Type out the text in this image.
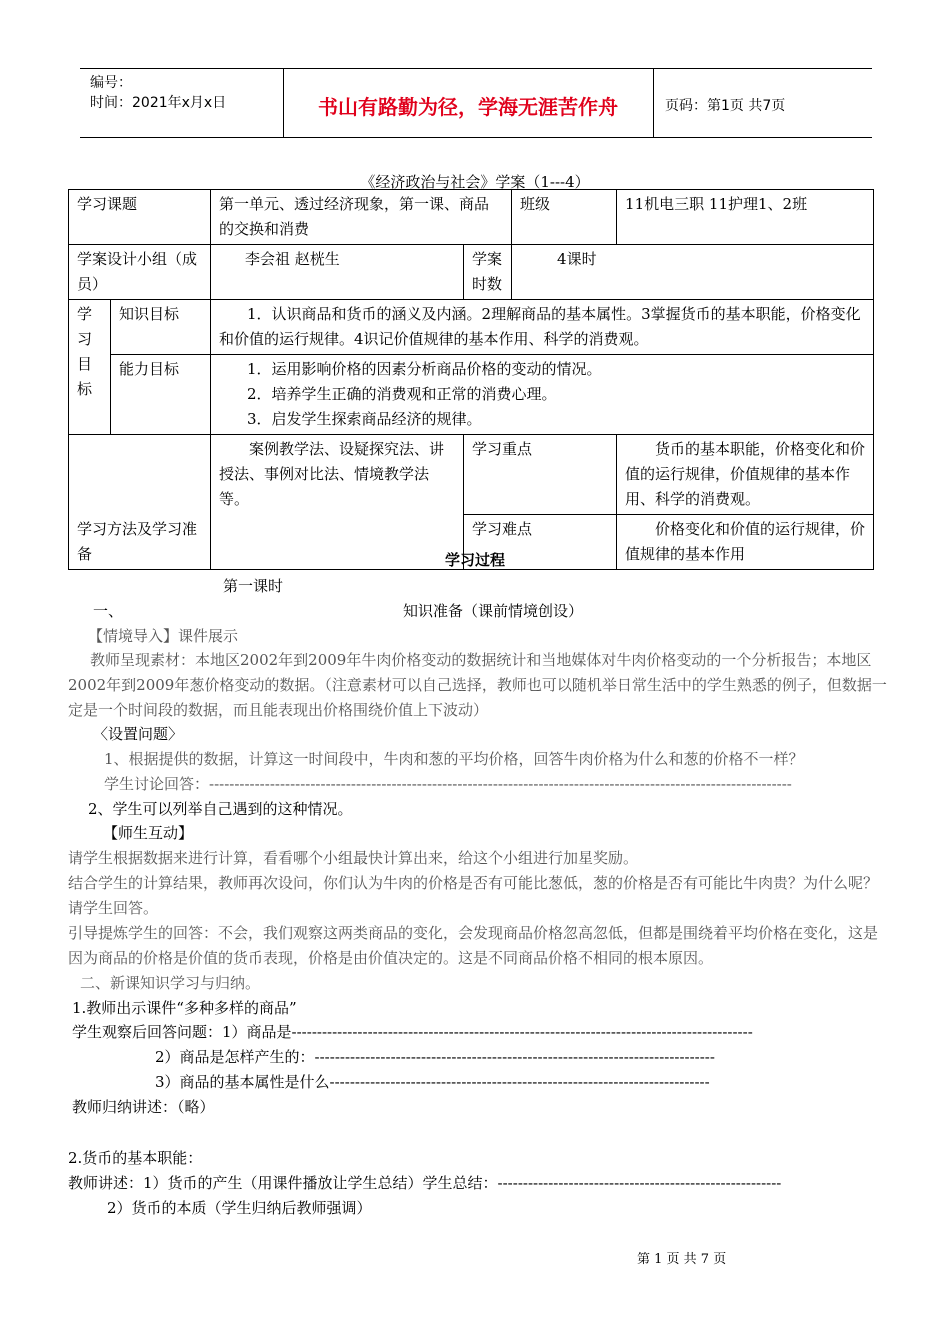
编号：
时间：2021年x月x日	书山有路勤为径，学海无涯苦作舟	页码：第1页 共7页
《经济政治与社会》学案（1---4）
学习课题		第一单元、透过经济现象，第一课、商品的交换和消费		班级	11机电三职 11护理1、2班
学案设计小组（成员）		李会祖 赵桄生	学案时数	4课时	
学习目标	知识目标	1．认识商品和货币的涵义及内涵。2理解商品的基本属性。3掌握货币的基本职能，价格变化和价值的运行规律。4识记价值规律的基本作用、科学的消费观。			
	能力目标	1．运用影响价格的因素分析商品价格的变动的情况。
2．培养学生正确的消费观和正常的消费心理。
3．启发学生探索商品经济的规律。			

学习方法及学习准备		案例教学法、设疑探究法、讲授法、事例对比法、情境教学法等。	学习重点		货币的基本职能，价格变化和价值的运行规律，价值规律的基本作用、科学的消费观。
			学习难点		价格变化和价值的运行规律，价值规律的基本作用
学习过程
第一课时
一、	知识准备（课前情境创设）
【情境导入】课件展示
教师呈现素材：本地区2002年到2009年牛肉价格变动的数据统计和当地媒体对牛肉价格变动的一个分析报告；本地区2002年到2009年葱价格变动的数据。（注意素材可以自己选择，教师也可以随机举日常生活中的学生熟悉的例子，但数据一定是一个时间段的数据，而且能表现出价格围绕价值上下波动）
〈设置问题〉
1、根据提供的数据，计算这一时间段中，牛肉和葱的平均价格，回答牛肉价格为什么和葱的价格不一样？
学生讨论回答：-------------------------------------------------------------------------------------------------------------------
2、学生可以列举自己遇到的这种情况。
【师生互动】
请学生根据数据来进行计算，看看哪个小组最快计算出来，给这个小组进行加星奖励。
结合学生的计算结果，教师再次设问，你们认为牛肉的价格是否有可能比葱低，葱的价格是否有可能比牛肉贵？为什么呢？请学生回答。
引导提炼学生的回答：不会，我们观察这两类商品的变化，会发现商品价格忽高忽低，但都是围绕着平均价格在变化，这是因为商品的价格是价值的货币表现，价格是由价值决定的。这是不同商品价格不相同的根本原因。
二、新课知识学习与归纳。
1.教师出示课件“多种多样的商品”
学生观察后回答问题：1）商品是-------------------------------------------------------------------------------------------
2）商品是怎样产生的：-------------------------------------------------------------------------------
3）商品的基本属性是什么---------------------------------------------------------------------------
教师归纳讲述：（略）
2.货币的基本职能：
教师讲述：1）货币的产生（用课件播放让学生总结）学生总结：--------------------------------------------------------
2）货币的本质（学生归纳后教师强调）
第 1 页 共 7 页
